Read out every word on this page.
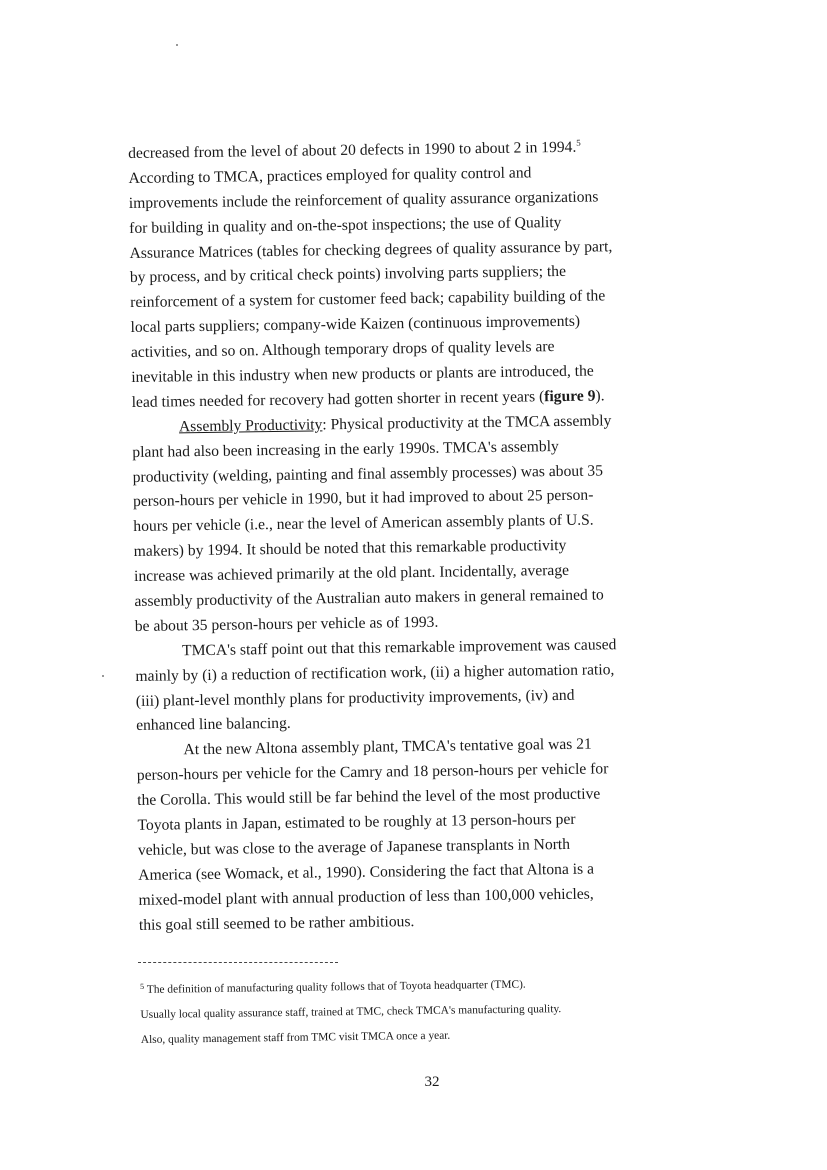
decreased from the level of about 20 defects in 1990 to about 2 in 1994.$^5$
According to TMCA, practices employed for quality control and
improvements include the reinforcement of quality assurance organizations
for building in quality and on-the-spot inspections; the use of Quality
Assurance Matrices (tables for checking degrees of quality assurance by part,
by process, and by critical check points) involving parts suppliers; the
reinforcement of a system for customer feed back; capability building of the
local parts suppliers; company-wide Kaizen (continuous improvements)
activities, and so on. Although temporary drops of quality levels are
inevitable in this industry when new products or plants are introduced, the
lead times needed for recovery had gotten shorter in recent years (figure 9).
Assembly Productivity: Physical productivity at the TMCA assembly
plant had also been increasing in the early 1990s. TMCA's assembly
productivity (welding, painting and final assembly processes) was about 35
person-hours per vehicle in 1990, but it had improved to about 25 person-
hours per vehicle (i.e., near the level of American assembly plants of U.S.
makers) by 1994. It should be noted that this remarkable productivity
increase was achieved primarily at the old plant. Incidentally, average
assembly productivity of the Australian auto makers in general remained to
be about 35 person-hours per vehicle as of 1993.
TMCA's staff point out that this remarkable improvement was caused
mainly by (i) a reduction of rectification work, (ii) a higher automation ratio,
(iii) plant-level monthly plans for productivity improvements, (iv) and
enhanced line balancing.
At the new Altona assembly plant, TMCA's tentative goal was 21
person-hours per vehicle for the Camry and 18 person-hours per vehicle for
the Corolla. This would still be far behind the level of the most productive
Toyota plants in Japan, estimated to be roughly at 13 person-hours per
vehicle, but was close to the average of Japanese transplants in North
America (see Womack, et al., 1990). Considering the fact that Altona is a
mixed-model plant with annual production of less than 100,000 vehicles,
this goal still seemed to be rather ambitious.
$^5$ The definition of manufacturing quality follows that of Toyota headquarter (TMC).
Usually local quality assurance staff, trained at TMC, check TMCA's manufacturing quality.
Also, quality management staff from TMC visit TMCA once a year.
32
